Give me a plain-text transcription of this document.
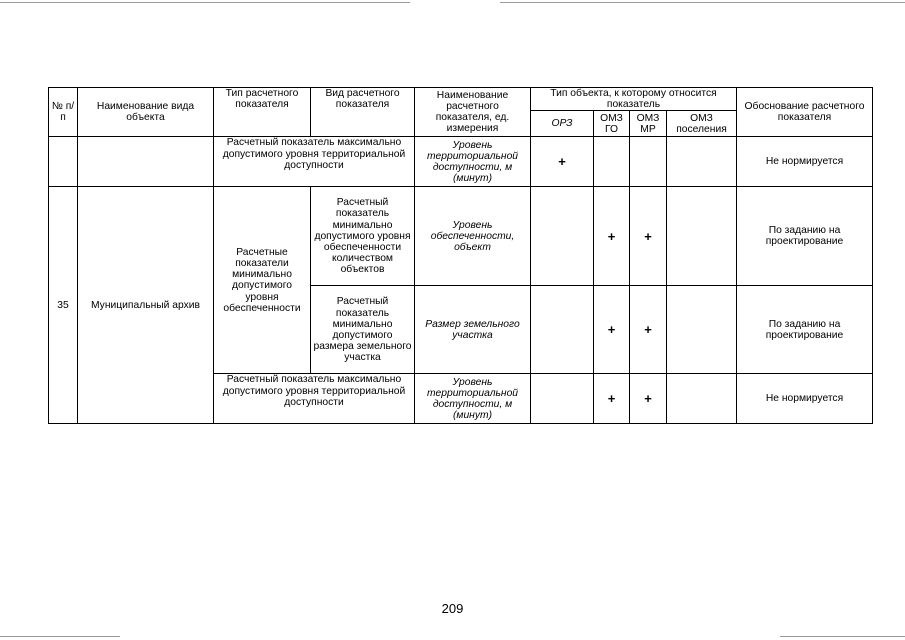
№ п/п	Наименование вида объекта	Тип расчетного показателя	Вид расчетного показателя	Наименование расчетного показателя, ед. измерения	Тип объекта, к которому относится показатель				Обоснование расчетного показателя
					ОРЗ	ОМЗ ГО	ОМЗ МР	ОМЗ поселения	
		Расчетный показатель максимально допустимого уровня территориальной доступности		Уровень территориальной доступности, м (минут)	+				Не нормируется
35	Муниципальный архив	Расчетные показатели минимально допустимого уровня обеспеченности	Расчетный показатель минимально допустимого уровня обеспеченности количеством объектов	Уровень обеспеченности, объект		+	+		По заданию на проектирование
			Расчетный показатель минимально допустимого размера земельного участка	Размер земельного участка		+	+		По заданию на проектирование
		Расчетный показатель максимально допустимого уровня территориальной доступности		Уровень территориальной доступности, м (минут)		+	+		Не нормируется
209
